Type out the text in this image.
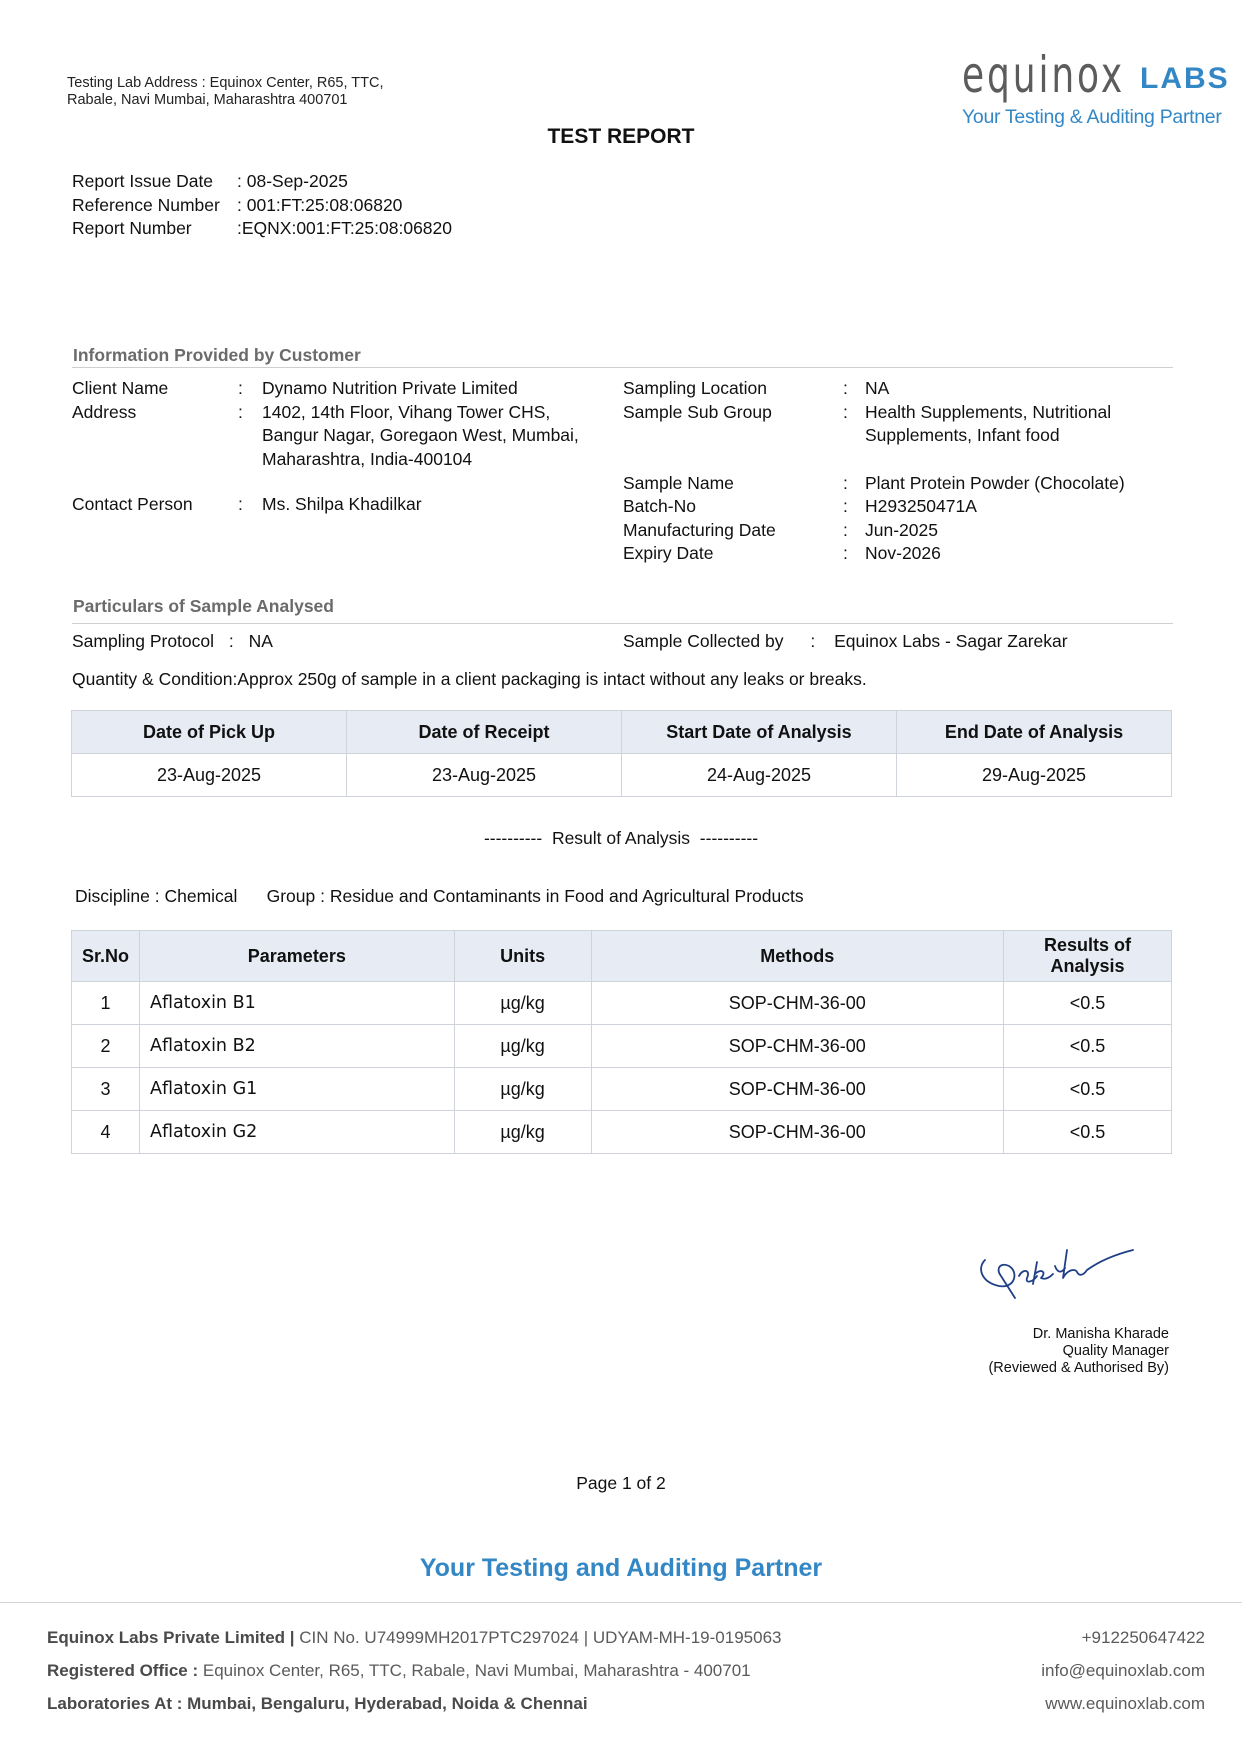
Testing Lab Address : Equinox Center, R65, TTC, Rabale, Navi Mumbai, Maharashtra 400701	equinox LABS
Your Testing & Auditing Partner
TEST REPORT
Report Issue Date	: 08-Sep-2025
Reference Number : 001:FT:25:08:06820
Report Number	:EQNX:001:FT:25:08:06820
Information Provided by Customer
Client Name	:	Dynamo Nutrition Private Limited
Address	:	1402, 14th Floor, Vihang Tower CHS,
Bangur Nagar, Goregaon West, Mumbai,
Maharashtra, India-400104
Contact Person	:	Ms. Shilpa Khadilkar
Sampling Location	: NA
Sample Sub Group	: Health Supplements, Nutritional
Supplements, Infant food
Sample Name	: Plant Protein Powder (Chocolate)
Batch-No	: H293250471A
Manufacturing Date	: Jun-2025
Expiry Date	: Nov-2026
Particulars of Sample Analysed
Sampling Protocol : NA	Sample Collected by : Equinox Labs - Sagar Zarekar
Quantity & Condition:Approx 250g of sample in a client packaging is intact without any leaks or breaks.
Date of Pick Up	Date of Receipt	Start Date of Analysis	End Date of Analysis
23-Aug-2025	23-Aug-2025	24-Aug-2025	29-Aug-2025
----------  Result of Analysis  ----------
Discipline : Chemical Group : Residue and Contaminants in Food and Agricultural Products
Sr.No	Parameters	Units	Methods	Results of Analysis
1	Aflatoxin B1	µg/kg	SOP-CHM-36-00	<0.5
2	Aflatoxin B2	µg/kg	SOP-CHM-36-00	<0.5
3	Aflatoxin G1	µg/kg	SOP-CHM-36-00	<0.5
4	Aflatoxin G2	µg/kg	SOP-CHM-36-00	<0.5
Dr. Manisha Kharade
Quality Manager
(Reviewed & Authorised By)
Page 1 of 2
Your Testing and Auditing Partner
Equinox Labs Private Limited | CIN No. U74999MH2017PTC297024 | UDYAM-MH-19-0195063
Registered Office : Equinox Center, R65, TTC, Rabale, Navi Mumbai, Maharashtra - 400701
Laboratories At : Mumbai, Bengaluru, Hyderabad, Noida & Chennai
+912250647422
info@equinoxlab.com
www.equinoxlab.com
